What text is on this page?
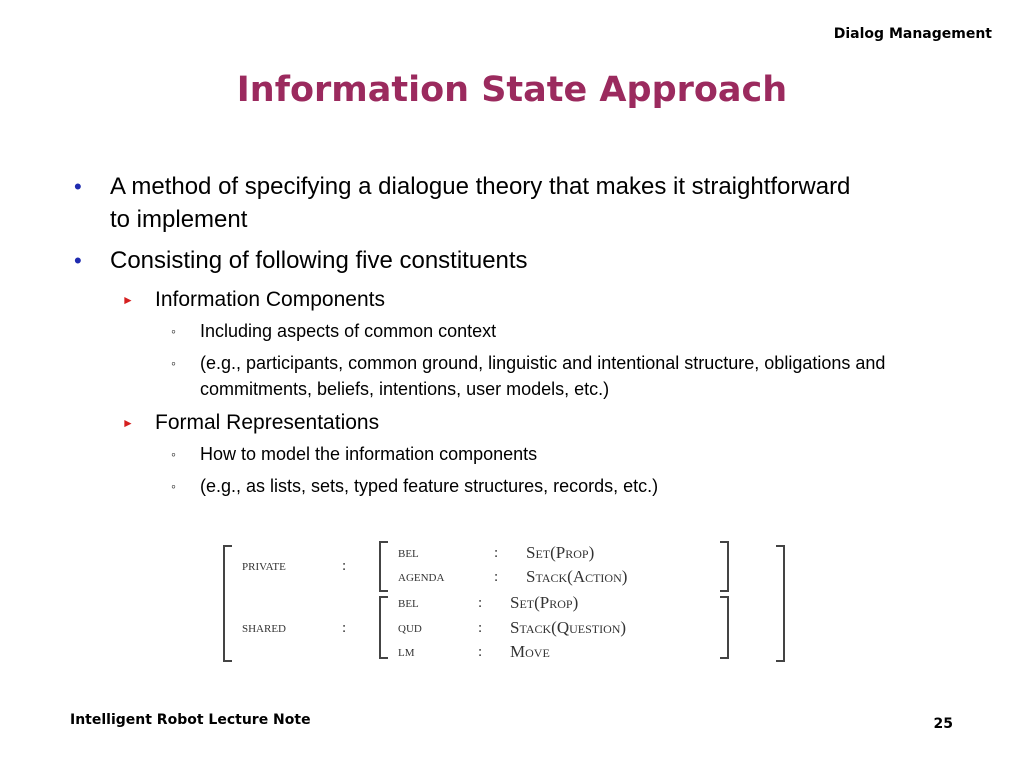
Dialog Management
Information State Approach
• A method of specifying a dialogue theory that makes it straightforward to implement
• Consisting of following five constituents
► Information Components
◦ Including aspects of common context
◦ (e.g., participants, common ground, linguistic and intentional structure, obligations and commitments, beliefs, intentions, user models, etc.)
► Formal Representations
◦ How to model the information components
◦ (e.g., as lists, sets, typed feature structures, records, etc.)
private	:
bel	: Set(Prop)
agenda	: Stack(Action)
shared	:
bel	: Set(Prop)
qud	: Stack(Question)
lm	: Move
Intelligent Robot Lecture Note	25
